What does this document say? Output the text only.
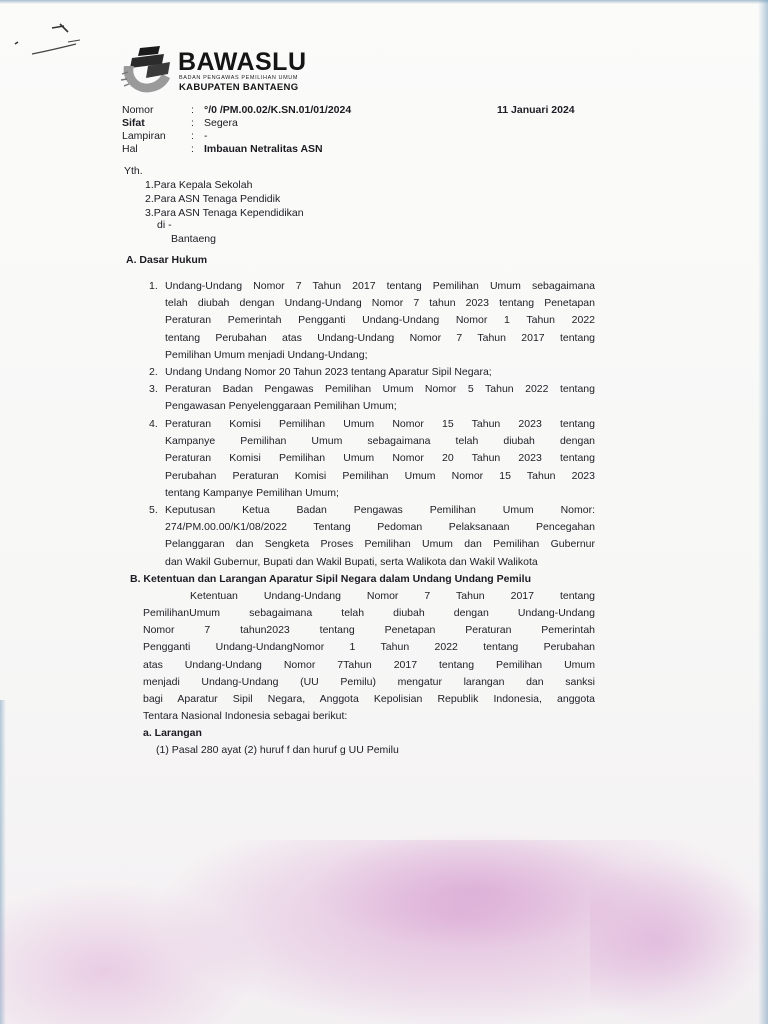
BAWASLU
BADAN PENGAWAS PEMILIHAN UMUM
KABUPATEN BANTAENG
Nomor	: °/0 /PM.00.02/K.SN.01/01/2024
Sifat	: Segera
Lampiran : -
Hal	: Imbauan Netralitas ASN
11 Januari 2024
Yth.
1.Para Kepala Sekolah
2.Para ASN Tenaga Pendidik
3.Para ASN Tenaga Kependidikan
di -
Bantaeng
A. Dasar Hukum
1. Undang-Undang Nomor 7 Tahun 2017 tentang Pemilihan Umum sebagaimana
telah diubah dengan Undang-Undang Nomor 7 tahun 2023 tentang Penetapan
Peraturan Pemerintah Pengganti Undang-Undang Nomor 1 Tahun 2022
tentang Perubahan atas Undang-Undang Nomor 7 Tahun 2017 tentang
Pemilihan Umum menjadi Undang-Undang;
2. Undang Undang Nomor 20 Tahun 2023 tentang Aparatur Sipil Negara;
3. Peraturan Badan Pengawas Pemilihan Umum Nomor 5 Tahun 2022 tentang
Pengawasan Penyelenggaraan Pemilihan Umum;
4. Peraturan Komisi Pemilihan Umum Nomor 15 Tahun 2023 tentang
Kampanye Pemilihan Umum sebagaimana telah diubah dengan
Peraturan Komisi Pemilihan Umum Nomor 20 Tahun 2023 tentang
Perubahan Peraturan Komisi Pemilihan Umum Nomor 15 Tahun 2023
tentang Kampanye Pemilihan Umum;
5. Keputusan Ketua Badan Pengawas Pemilihan Umum Nomor:
274/PM.00.00/K1/08/2022 Tentang Pedoman Pelaksanaan Pencegahan
Pelanggaran dan Sengketa Proses Pemilihan Umum dan Pemilihan Gubernur
dan Wakil Gubernur, Bupati dan Wakil Bupati, serta Walikota dan Wakil Walikota
B. Ketentuan dan Larangan Aparatur Sipil Negara dalam Undang Undang Pemilu
Ketentuan Undang-Undang Nomor 7 Tahun 2017 tentang
PemilihanUmum sebagaimana telah diubah dengan Undang-Undang
Nomor 7 tahun2023 tentang Penetapan Peraturan Pemerintah
Pengganti Undang-UndangNomor 1 Tahun 2022 tentang Perubahan
atas Undang-Undang Nomor 7Tahun 2017 tentang Pemilihan Umum
menjadi Undang-Undang (UU Pemilu) mengatur larangan dan sanksi
bagi Aparatur Sipil Negara, Anggota Kepolisian Republik Indonesia, anggota
Tentara Nasional Indonesia sebagai berikut:
a. Larangan
(1) Pasal 280 ayat (2) huruf f dan huruf g UU Pemilu
